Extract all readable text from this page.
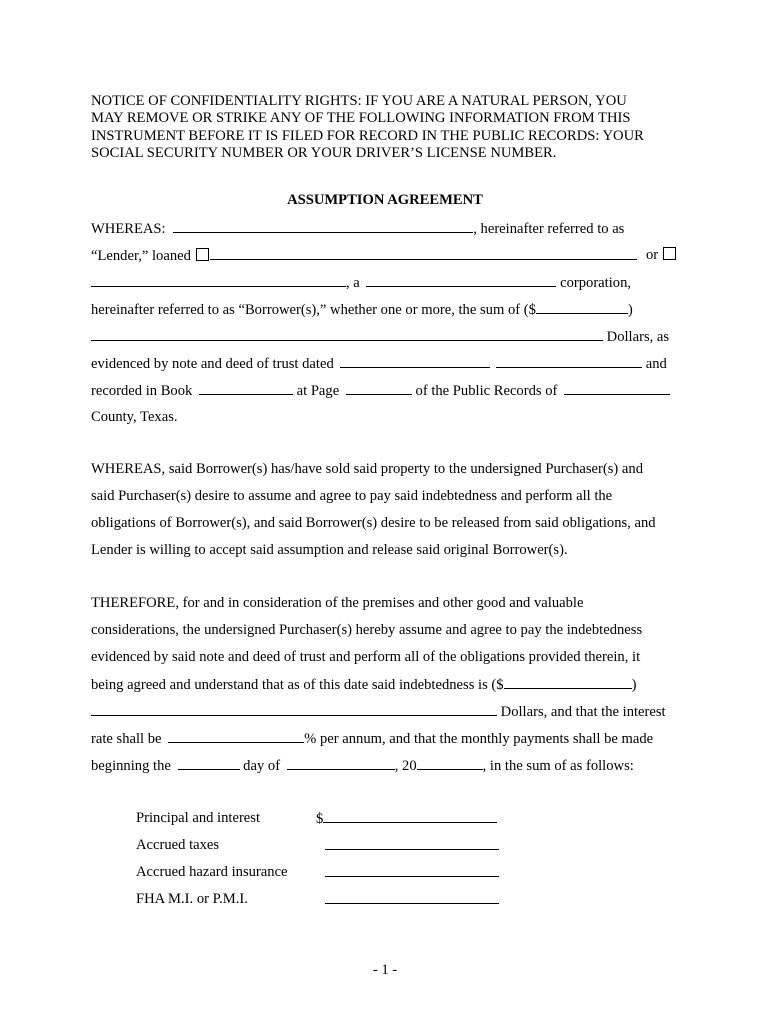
NOTICE OF CONFIDENTIALITY RIGHTS: IF YOU ARE A NATURAL PERSON, YOU
MAY REMOVE OR STRIKE ANY OF THE FOLLOWING INFORMATION FROM THIS
INSTRUMENT BEFORE IT IS FILED FOR RECORD IN THE PUBLIC RECORDS: YOUR
SOCIAL SECURITY NUMBER OR YOUR DRIVER’S LICENSE NUMBER.
ASSUMPTION AGREEMENT
WHEREAS:	, hereinafter referred to as
“Lender,” loaned	or
, a	corporation,
hereinafter referred to as “Borrower(s),” whether one or more, the sum of ($	)
Dollars, as
evidenced by note and deed of trust dated	and
recorded in Book	at Page	of the Public Records of
County, Texas.
WHEREAS, said Borrower(s) has/have sold said property to the undersigned Purchaser(s) and
said Purchaser(s) desire to assume and agree to pay said indebtedness and perform all the
obligations of Borrower(s), and said Borrower(s) desire to be released from said obligations, and
Lender is willing to accept said assumption and release said original Borrower(s).
THEREFORE, for and in consideration of the premises and other good and valuable
considerations, the undersigned Purchaser(s) hereby assume and agree to pay the indebtedness
evidenced by said note and deed of trust and perform all of the obligations provided therein, it
being agreed and understand that as of this date said indebtedness is ($	)
Dollars, and that the interest
rate shall be	% per annum, and that the monthly payments shall be made
beginning the	day of	, 20	, in the sum of as follows:
Principal and interest	$
Accrued taxes
Accrued hazard insurance
FHA M.I. or P.M.I.
- 1 -
